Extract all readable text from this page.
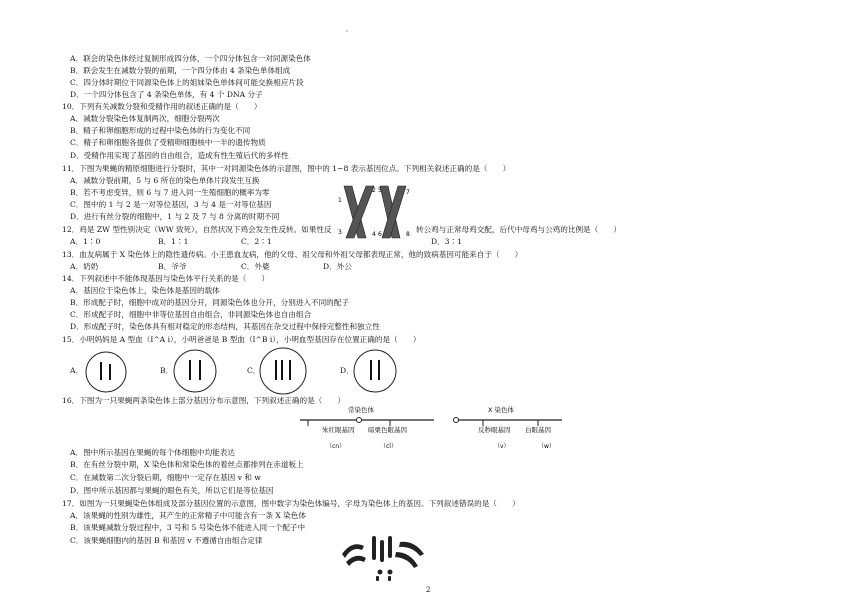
◦
A．联会的染色体经过复制形成四分体，一个四分体包含一对同源染色体
B．联会发生在减数分裂的前期，一个四分体由 4 条染色单体组成
C．四分体时期位于同源染色体上的姐妹染色单体间可能交换相应片段
D．一个四分体包含了 4 条染色单体，有 4 个 DNA 分子
10．下列有关减数分裂和受精作用的叙述正确的是（　　）
A．减数分裂染色体复制两次，细胞分裂两次
B．精子和卵细胞形成的过程中染色体的行为变化不同
C．精子和卵细胞各提供了受精卵细胞核中一半的遗传物质
D．受精作用实现了基因的自由组合，造成有性生殖后代的多样性
11．下图为果蝇的精原细胞进行分裂时，其中一对同源染色体的示意图，图中的 1~8 表示基因位点。下列相关叙述正确的是（　　）
A．减数分裂前期，5 与 6 所在的染色单体片段发生互换
B．若不考虑变异，则 6 与 7 进入同一生殖细胞的概率为零
C．图中的 1 与 2 是一对等位基因，3 与 4 是一对等位基因
D．进行有丝分裂的细胞中，1 与 2 及 7 与 8 分离的时期不同
1
2
3	4
5
6
7
8
12．鸡是 ZW 型性别决定（WW 致死），自然状况下鸡会发生性反转。如果性反	转公鸡与正常母鸡交配，后代中母鸡与公鸡的比例是（　　）
A．1∶0	B．1∶1	C．2∶1	D．3∶1
13．血友病属于 X 染色体上的隐性遗传病。小王患血友病，他的父母、祖父母和外祖父母都表现正常，他的致病基因可能来自于（　　）
A．奶奶	B．爷爷	C．外婆	D．外公
14．下列叙述中不能体现基因与染色体平行关系的是（　　）
A．基因位于染色体上，染色体是基因的载体
B．形成配子时，细胞中成对的基因分开，同源染色体也分开，分别进入不同的配子
C．形成配子时，细胞中非等位基因自由组合，非同源染色体也自由组合
D．形成配子时，染色体具有相对稳定的形态结构，其基因在杂交过程中保持完整性和独立性
15．小明妈妈是 A 型血（I^A i），小明爸爸是 B 型血（I^B i），小明血型基因存在位置正确的是（　　）
A．	B．	C．	D．
16．下图为一只果蝇两条染色体上部分基因分布示意图，下列叙述正确的是（　　）
常染色体	X 染色体
朱红眼基因 暗栗色眼基因	反秒眼基因 白眼基因
（cn）	（cl）	（v）	（w）
A．图中所示基因在果蝇的每个体细胞中均能表达
B．在有丝分裂中期，X 染色体和常染色体的着丝点都排列在赤道板上
C．在减数第二次分裂后期，细胞中一定存在基因 v 和 w
D．图中所示基因都与果蝇的眼色有关，所以它们是等位基因
17．如图为一只果蝇染色体组成及部分基因位置的示意图，图中数字为染色体编号，字母为染色体上的基因。下列叙述错误的是（　　）
A．该果蝇的性别为雄性，其产生的正常精子中可能含有一条 X 染色体
B．该果蝇减数分裂过程中，3 号和 5 号染色体不能进入同一个配子中
C．该果蝇细胞内的基因 B 和基因 v 不遵循自由组合定律
2
